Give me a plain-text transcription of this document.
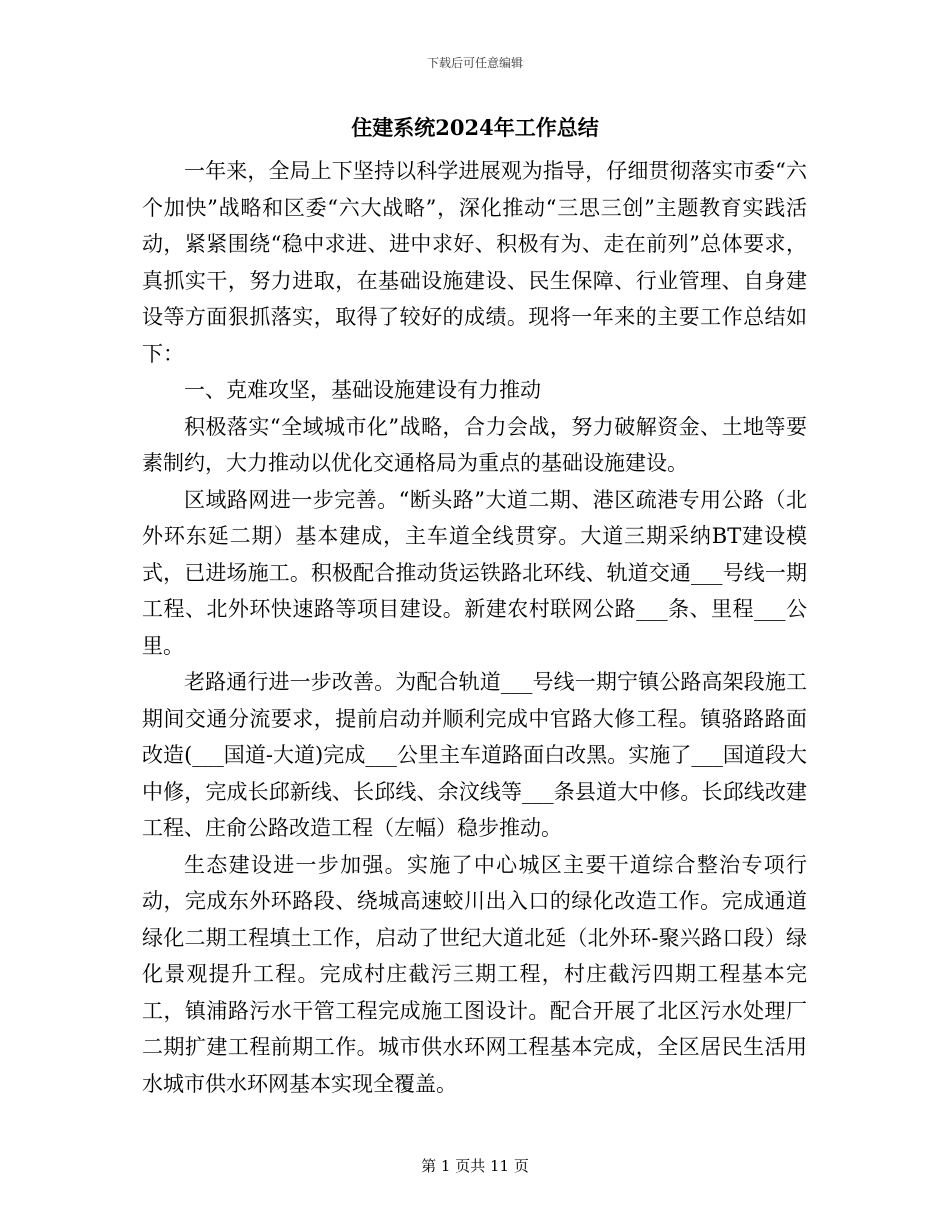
下载后可任意编辑
住建系统2024年工作总结

一年来，全局上下坚持以科学进展观为指导，仔细贯彻落实市委“六个加快”战略和区委“六大战略”，深化推动“三思三创”主题教育实践活动，紧紧围绕“稳中求进、进中求好、积极有为、走在前列”总体要求，真抓实干，努力进取，在基础设施建设、民生保障、行业管理、自身建设等方面狠抓落实，取得了较好的成绩。现将一年来的主要工作总结如下：

一、克难攻坚，基础设施建设有力推动

积极落实“全域城市化”战略，合力会战，努力破解资金、土地等要素制约，大力推动以优化交通格局为重点的基础设施建设。

区域路网进一步完善。“断头路”大道二期、港区疏港专用公路（北外环东延二期）基本建成，主车道全线贯穿。大道三期采纳BT建设模式，已进场施工。积极配合推动货运铁路北环线、轨道交通___号线一期工程、北外环快速路等项目建设。新建农村联网公路___条、里程___公里。

老路通行进一步改善。为配合轨道___号线一期宁镇公路高架段施工期间交通分流要求，提前启动并顺利完成中官路大修工程。镇骆路路面改造(___国道-大道)完成___公里主车道路面白改黑。实施了___国道段大中修，完成长邱新线、长邱线、余汶线等___条县道大中修。长邱线改建工程、庄俞公路改造工程（左幅）稳步推动。

生态建设进一步加强。实施了中心城区主要干道综合整治专项行动，完成东外环路段、绕城高速蛟川出入口的绿化改造工作。完成通道绿化二期工程填土工作，启动了世纪大道北延（北外环-聚兴路口段）绿化景观提升工程。完成村庄截污三期工程，村庄截污四期工程基本完工，镇浦路污水干管工程完成施工图设计。配合开展了北区污水处理厂二期扩建工程前期工作。城市供水环网工程基本完成，全区居民生活用水城市供水环网基本实现全覆盖。

第 1 页共 11 页
